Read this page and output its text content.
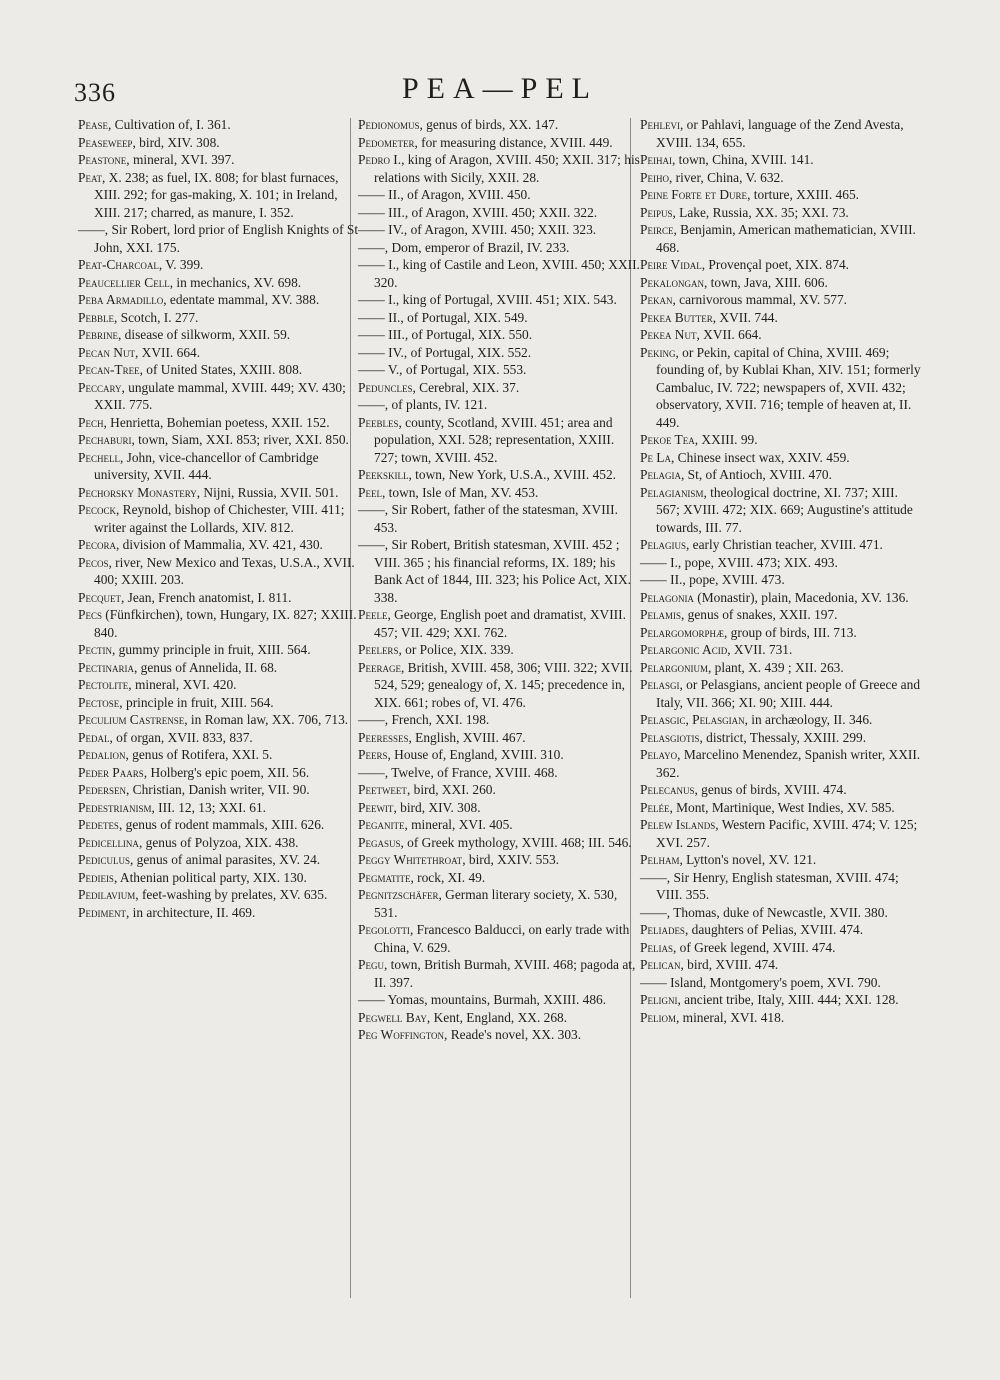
336	PEA—PEL

Pease, Cultivation of, I. 361.

Peaseweep, bird, XIV. 308.

Peastone, mineral, XVI. 397.

Peat, X. 238; as fuel, IX. 808; for blast furnaces, XIII. 292; for gas-making, X. 101; in Ireland, XIII. 217; charred, as manure, I. 352.

——, Sir Robert, lord prior of English Knights of St John, XXI. 175.

Peat-Charcoal, V. 399.

Peaucellier Cell, in mechanics, XV. 698.

Peba Armadillo, edentate mammal, XV. 388.

Pebble, Scotch, I. 277.

Pebrine, disease of silkworm, XXII. 59.

Pecan Nut, XVII. 664.

Pecan-Tree, of United States, XXIII. 808.

Peccary, ungulate mammal, XVIII. 449; XV. 430; XXII. 775.

Pech, Henrietta, Bohemian poetess, XXII. 152.

Pechaburi, town, Siam, XXI. 853; river, XXI. 850.

Pechell, John, vice-chancellor of Cambridge university, XVII. 444.

Pechorsky Monastery, Nijni, Russia, XVII. 501.

Pecock, Reynold, bishop of Chichester, VIII. 411; writer against the Lollards, XIV. 812.

Pecora, division of Mammalia, XV. 421, 430.

Pecos, river, New Mexico and Texas, U.S.A., XVII. 400; XXIII. 203.

Pecquet, Jean, French anatomist, I. 811.

Pecs (Fünfkirchen), town, Hungary, IX. 827; XXIII. 840.

Pectin, gummy principle in fruit, XIII. 564.

Pectinaria, genus of Annelida, II. 68.

Pectolite, mineral, XVI. 420.

Pectose, principle in fruit, XIII. 564.

Peculium Castrense, in Roman law, XX. 706, 713.

Pedal, of organ, XVII. 833, 837.

Pedalion, genus of Rotifera, XXI. 5.

Peder Paars, Holberg's epic poem, XII. 56.

Pedersen, Christian, Danish writer, VII. 90.

Pedestrianism, III. 12, 13; XXI. 61.

Pedetes, genus of rodent mammals, XIII. 626.

Pedicellina, genus of Polyzoa, XIX. 438.

Pediculus, genus of animal parasites, XV. 24.

Pedieis, Athenian political party, XIX. 130.

Pedilavium, feet-washing by prelates, XV. 635.

Pediment, in architecture, II. 469.

Pedionomus, genus of birds, XX. 147.

Pedometer, for measuring distance, XVIII. 449.

Pedro I., king of Aragon, XVIII. 450; XXII. 317; his relations with Sicily, XXII. 28.

—— II., of Aragon, XVIII. 450.

—— III., of Aragon, XVIII. 450; XXII. 322.

—— IV., of Aragon, XVIII. 450; XXII. 323.

——, Dom, emperor of Brazil, IV. 233.

—— I., king of Castile and Leon, XVIII. 450; XXII. 320.

—— I., king of Portugal, XVIII. 451; XIX. 543.

—— II., of Portugal, XIX. 549.

—— III., of Portugal, XIX. 550.

—— IV., of Portugal, XIX. 552.

—— V., of Portugal, XIX. 553.

Peduncles, Cerebral, XIX. 37.

——, of plants, IV. 121.

Peebles, county, Scotland, XVIII. 451; area and population, XXI. 528; representation, XXIII. 727; town, XVIII. 452.

Peekskill, town, New York, U.S.A., XVIII. 452.

Peel, town, Isle of Man, XV. 453.

——, Sir Robert, father of the statesman, XVIII. 453.

——, Sir Robert, British statesman, XVIII. 452 ; VIII. 365 ; his financial reforms, IX. 189; his Bank Act of 1844, III. 323; his Police Act, XIX. 338.

Peele, George, English poet and dramatist, XVIII. 457; VII. 429; XXI. 762.

Peelers, or Police, XIX. 339.

Peerage, British, XVIII. 458, 306; VIII. 322; XVII. 524, 529; genealogy of, X. 145; precedence in, XIX. 661; robes of, VI. 476.

——, French, XXI. 198.

Peeresses, English, XVIII. 467.

Peers, House of, England, XVIII. 310.

——, Twelve, of France, XVIII. 468.

Peetweet, bird, XXI. 260.

Peewit, bird, XIV. 308.

Peganite, mineral, XVI. 405.

Pegasus, of Greek mythology, XVIII. 468; III. 546.

Peggy Whitethroat, bird, XXIV. 553.

Pegmatite, rock, XI. 49.

Pegnitzschäfer, German literary society, X. 530, 531.

Pegolotti, Francesco Balducci, on early trade with China, V. 629.

Pegu, town, British Burmah, XVIII. 468; pagoda at, II. 397.

—— Yomas, mountains, Burmah, XXIII. 486.

Pegwell Bay, Kent, England, XX. 268.

Peg Woffington, Reade's novel, XX. 303.

Pehlevi, or Pahlavi, language of the Zend Avesta, XVIII. 134, 655.

Peihai, town, China, XVIII. 141.

Peiho, river, China, V. 632.

Peine Forte et Dure, torture, XXIII. 465.

Peipus, Lake, Russia, XX. 35; XXI. 73.

Peirce, Benjamin, American mathematician, XVIII. 468.

Peire Vidal, Provençal poet, XIX. 874.

Pekalongan, town, Java, XIII. 606.

Pekan, carnivorous mammal, XV. 577.

Pekea Butter, XVII. 744.

Pekea Nut, XVII. 664.

Peking, or Pekin, capital of China, XVIII. 469; founding of, by Kublai Khan, XIV. 151; formerly Cambaluc, IV. 722; newspapers of, XVII. 432; observatory, XVII. 716; temple of heaven at, II. 449.

Pekoe Tea, XXIII. 99.

Pe La, Chinese insect wax, XXIV. 459.

Pelagia, St, of Antioch, XVIII. 470.

Pelagianism, theological doctrine, XI. 737; XIII. 567; XVIII. 472; XIX. 669; Augustine's attitude towards, III. 77.

Pelagius, early Christian teacher, XVIII. 471.

—— I., pope, XVIII. 473; XIX. 493.

—— II., pope, XVIII. 473.

Pelagonia (Monastir), plain, Macedonia, XV. 136.

Pelamis, genus of snakes, XXII. 197.

Pelargomorphæ, group of birds, III. 713.

Pelargonic Acid, XVII. 731.

Pelargonium, plant, X. 439 ; XII. 263.

Pelasgi, or Pelasgians, ancient people of Greece and Italy, VII. 366; XI. 90; XIII. 444.

Pelasgic, Pelasgian, in archæology, II. 346.

Pelasgiotis, district, Thessaly, XXIII. 299.

Pelayo, Marcelino Menendez, Spanish writer, XXII. 362.

Pelecanus, genus of birds, XVIII. 474.

Pelée, Mont, Martinique, West Indies, XV. 585.

Pelew Islands, Western Pacific, XVIII. 474; V. 125; XVI. 257.

Pelham, Lytton's novel, XV. 121.

——, Sir Henry, English statesman, XVIII. 474; VIII. 355.

——, Thomas, duke of Newcastle, XVII. 380.

Peliades, daughters of Pelias, XVIII. 474.

Pelias, of Greek legend, XVIII. 474.

Pelican, bird, XVIII. 474.

—— Island, Montgomery's poem, XVI. 790.

Peligni, ancient tribe, Italy, XIII. 444; XXI. 128.

Peliom, mineral, XVI. 418.
